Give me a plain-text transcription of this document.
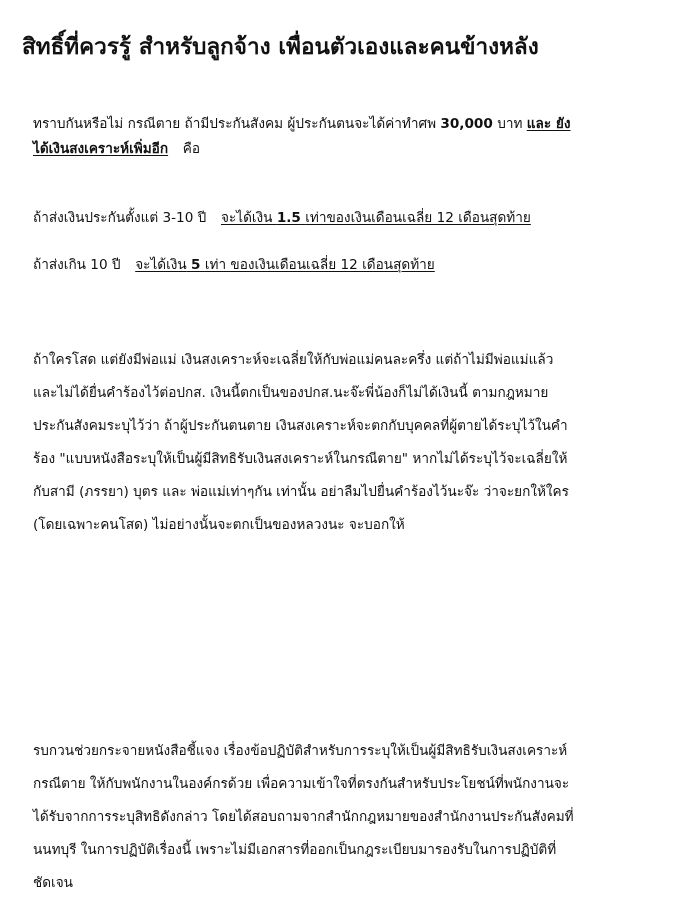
สิทธิ์ที่ควรรู้ สำหรับลูกจ้าง เพื่อนตัวเองและคนข้างหลัง
ทราบกันหรือไม่ กรณีตาย ถ้ามีประกันสังคม ผู้ประกันตนจะได้ค่าทำศพ 30,000 บาท และ ยัง
ได้เงินสงเคราะห์เพิ่มอีก คือ
ถ้าส่งเงินประกันตั้งแต่ 3-10 ปี จะได้เงิน 1.5 เท่าของเงินเดือนเฉลี่ย 12 เดือนสุดท้าย
ถ้าส่งเกิน 10 ปี จะได้เงิน 5 เท่า ของเงินเดือนเฉลี่ย 12 เดือนสุดท้าย
ถ้าใครโสด แต่ยังมีพ่อแม่ เงินสงเคราะห์จะเฉลี่ยให้กับพ่อแม่คนละครึ่ง แต่ถ้าไม่มีพ่อแม่แล้ว
และไม่ได้ยื่นคำร้องไว้ต่อปกส. เงินนี้ตกเป็นของปกส.นะจ๊ะพี่น้องก็ไม่ได้เงินนี้ ตามกฎหมาย
ประกันสังคมระบุไว้ว่า ถ้าผู้ประกันตนตาย เงินสงเคราะห์จะตกกับบุคคลที่ผู้ตายได้ระบุไว้ในคำ
ร้อง "แบบหนังสือระบุให้เป็นผู้มีสิทธิรับเงินสงเคราะห์ในกรณีตาย" หากไม่ได้ระบุไว้จะเฉลี่ยให้
กับสามี (ภรรยา) บุตร และ พ่อแม่เท่าๆกัน เท่านั้น อย่าลืมไปยื่นคำร้องไว้นะจ๊ะ ว่าจะยกให้ใคร
(โดยเฉพาะคนโสด) ไม่อย่างนั้นจะตกเป็นของหลวงนะ จะบอกให้
รบกวนช่วยกระจายหนังสือชี้แจง เรื่องข้อปฏิบัติสำหรับการระบุให้เป็นผู้มีสิทธิรับเงินสงเคราะห์
กรณีตาย ให้กับพนักงานในองค์กรด้วย เพื่อความเข้าใจที่ตรงกันสำหรับประโยชน์ที่พนักงานจะ
ได้รับจากการระบุสิทธิดังกล่าว โดยได้สอบถามจากสำนักกฎหมายของสำนักงานประกันสังคมที่
นนทบุรี ในการปฏิบัติเรื่องนี้ เพราะไม่มีเอกสารที่ออกเป็นกฎระเบียบมารองรับในการปฏิบัติที่
ชัดเจน
